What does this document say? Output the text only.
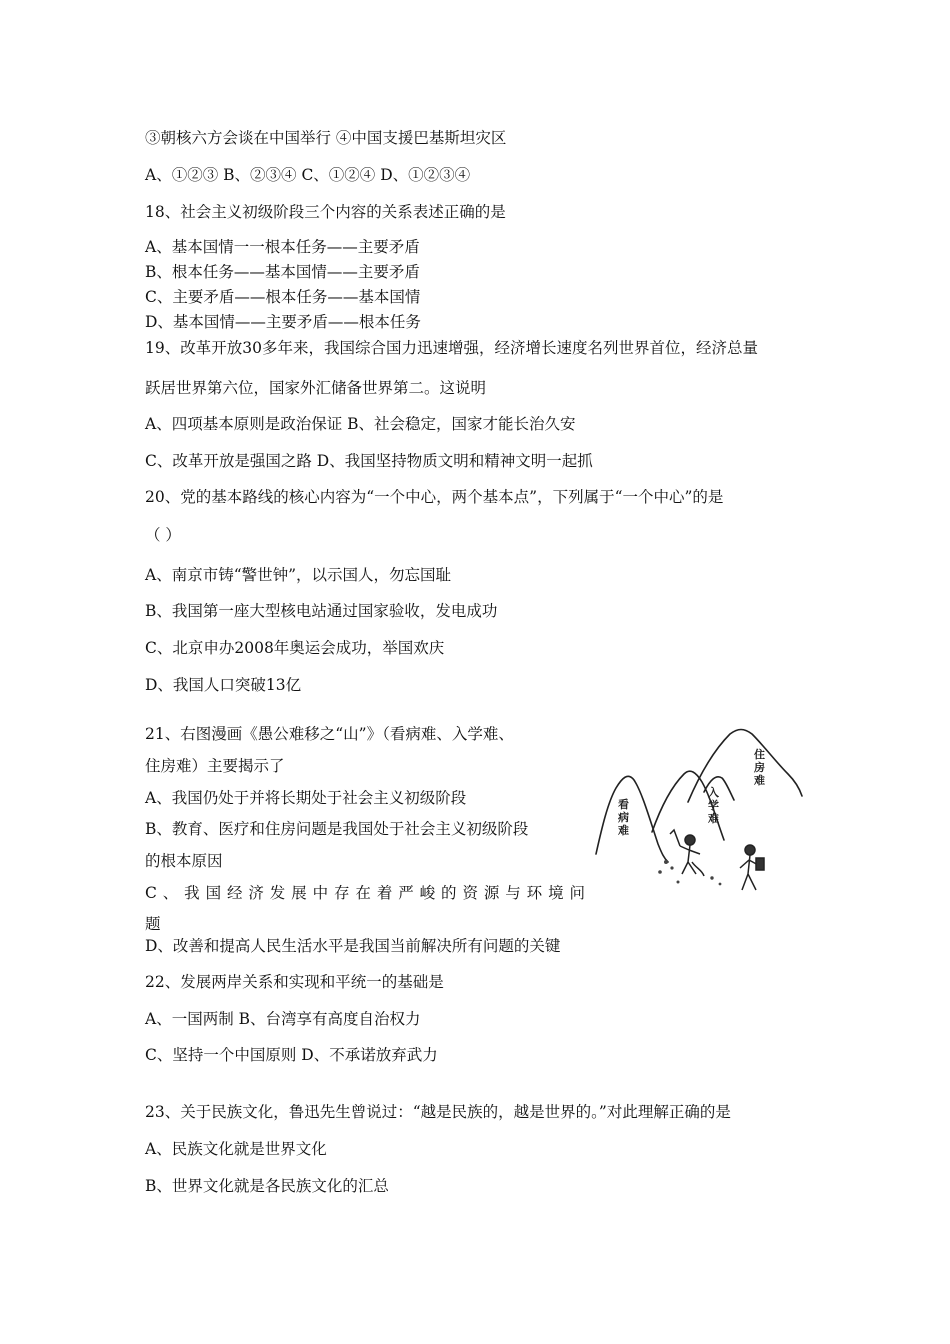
③朝核六方会谈在中国举行 ④中国支援巴基斯坦灾区
A、①②③ B、②③④ C、①②④ D、①②③④
18、社会主义初级阶段三个内容的关系表述正确的是
A、基本国情一一根本任务——主要矛盾
B、根本任务——基本国情——主要矛盾
C、主要矛盾——根本任务——基本国情
D、基本国情——主要矛盾——根本任务
19、改革开放30多年来，我国综合国力迅速增强，经济增长速度名列世界首位，经济总量
跃居世界第六位，国家外汇储备世界第二。这说明
A、四项基本原则是政治保证 B、社会稳定，国家才能长治久安
C、改革开放是强国之路 D、我国坚持物质文明和精神文明一起抓
20、党的基本路线的核心内容为“一个中心，两个基本点”，下列属于“一个中心”的是
（ ）
A、南京市铸“警世钟”，以示国人，勿忘国耻
B、我国第一座大型核电站通过国家验收，发电成功
C、北京申办2008年奥运会成功，举国欢庆
D、我国人口突破13亿
21、右图漫画《愚公难移之“山”》（看病难、入学难、
住房难）主要揭示了
A、我国仍处于并将长期处于社会主义初级阶段
B、教育、医疗和住房问题是我国处于社会主义初级阶段
的根本原因
C、我国经济发展中存在着严峻的资源与环境问
题
D、改善和提高人民生活水平是我国当前解决所有问题的关键
22、发展两岸关系和实现和平统一的基础是
A、一国两制 B、台湾享有高度自治权力
C、坚持一个中国原则 D、不承诺放弃武力
23、关于民族文化，鲁迅先生曾说过：“越是民族的，越是世界的。”对此理解正确的是
A、民族文化就是世界文化
B、世界文化就是各民族文化的汇总
看病难
入学难
住房难
